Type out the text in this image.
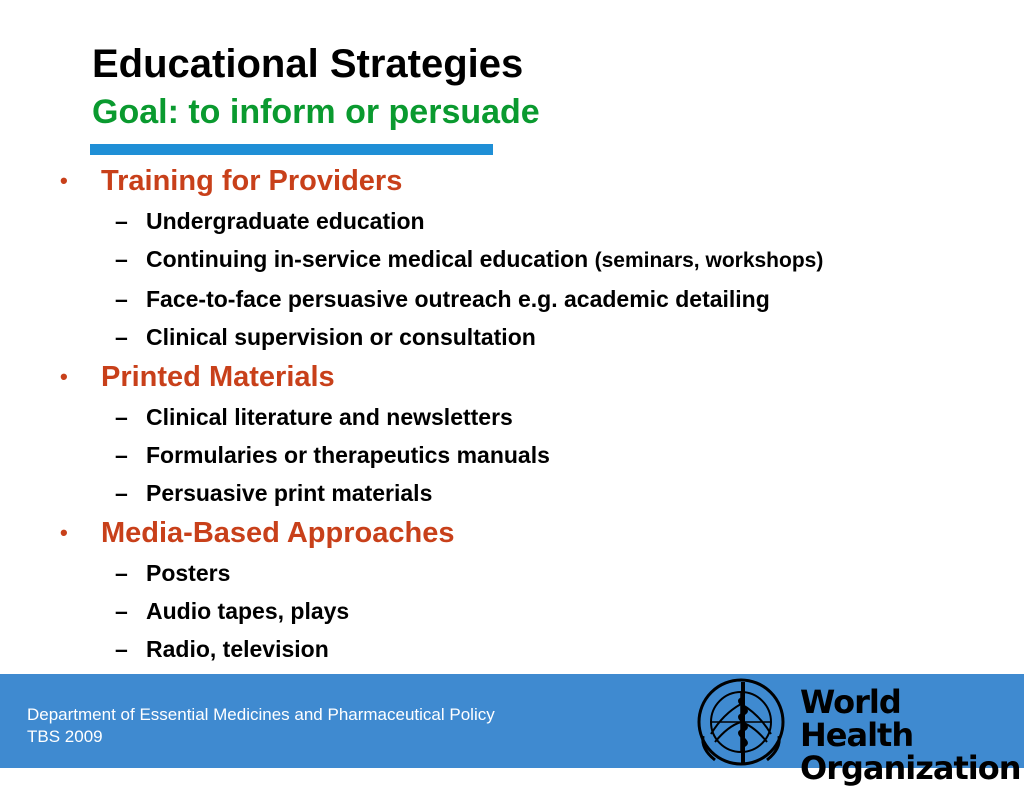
Educational Strategies
Goal: to inform or persuade
• Training for Providers
– Undergraduate education
– Continuing in-service medical education (seminars, workshops)
– Face-to-face persuasive outreach e.g. academic detailing
– Clinical supervision or consultation
• Printed Materials
– Clinical literature and newsletters
– Formularies or therapeutics manuals
– Persuasive print materials
• Media-Based Approaches
– Posters
– Audio tapes, plays
– Radio, television
Department of Essential Medicines and Pharmaceutical Policy
TBS 2009
World Health
Organization
